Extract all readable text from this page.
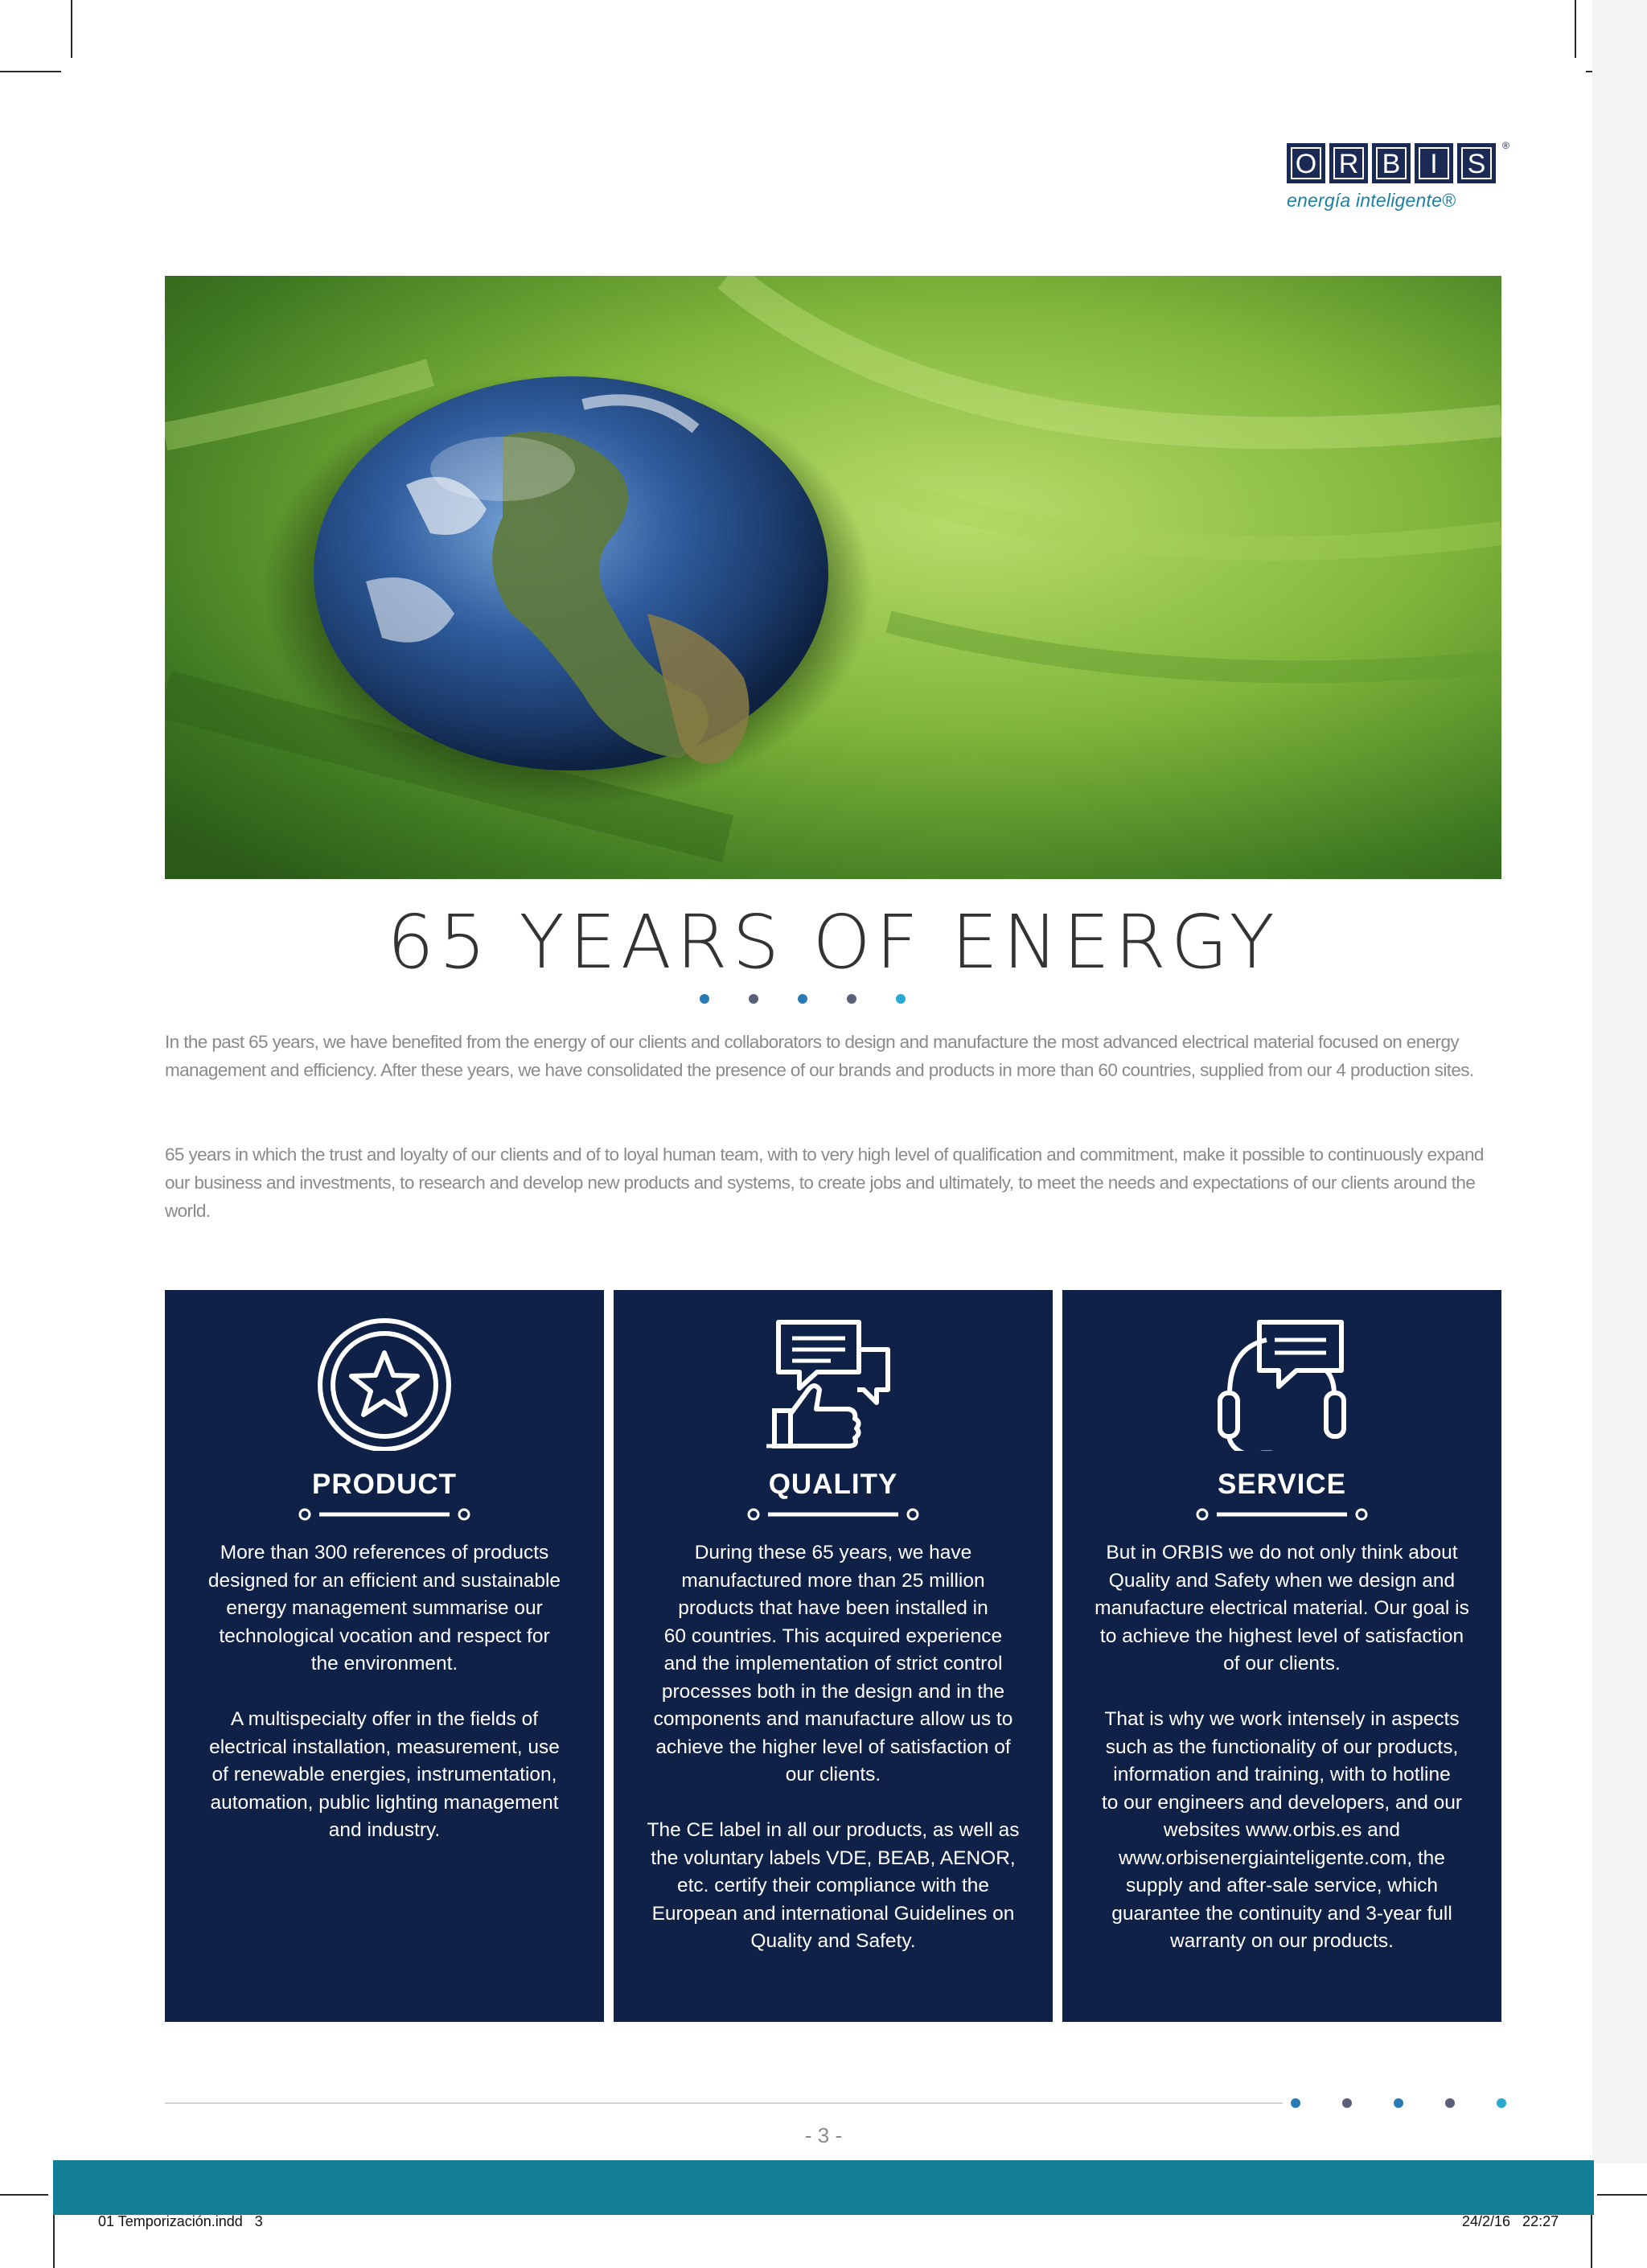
O R B	I	S
®
energía inteligente®
65 YEARS OF ENERGY
In the past 65 years, we have benefited from the energy of our clients and collaborators to design and manufacture the most advanced electrical material focused on energy management and efficiency. After these years, we have consolidated the presence of our brands and products in more than 60 countries, supplied from our 4 production sites.
65 years in which the trust and loyalty of our clients and of to loyal human team, with to very high level of qualification and commitment, make it possible to continuously expand our business and investments, to research and develop new products and systems, to create jobs and ultimately, to meet the needs and expectations of our clients around the world.
PRODUCT
More than 300 references of products
designed for an efficient and sustainable
energy management summarise our
technological vocation and respect for
the environment.

A multispecialty offer in the fields of
electrical installation, measurement, use
of renewable energies, instrumentation,
automation, public lighting management
and industry.
QUALITY
During these 65 years, we have
manufactured more than 25 million
products that have been installed in
60 countries. This acquired experience
and the implementation of strict control
processes both in the design and in the
components and manufacture allow us to
achieve the higher level of satisfaction of
our clients.

The CE label in all our products, as well as
the voluntary labels VDE, BEAB, AENOR,
etc. certify their compliance with the
European and international Guidelines on
Quality and Safety.
SERVICE
But in ORBIS we do not only think about
Quality and Safety when we design and
manufacture electrical material. Our goal is
to achieve the highest level of satisfaction
of our clients.

That is why we work intensely in aspects
such as the functionality of our products,
information and training, with to hotline
to our engineers and developers, and our
websites www.orbis.es and
www.orbisenergiainteligente.com, the
supply and after-sale service, which
guarantee the continuity and 3-year full
warranty on our products.
- 3 -
01 Temporización.indd   3	24/2/16   22:27
